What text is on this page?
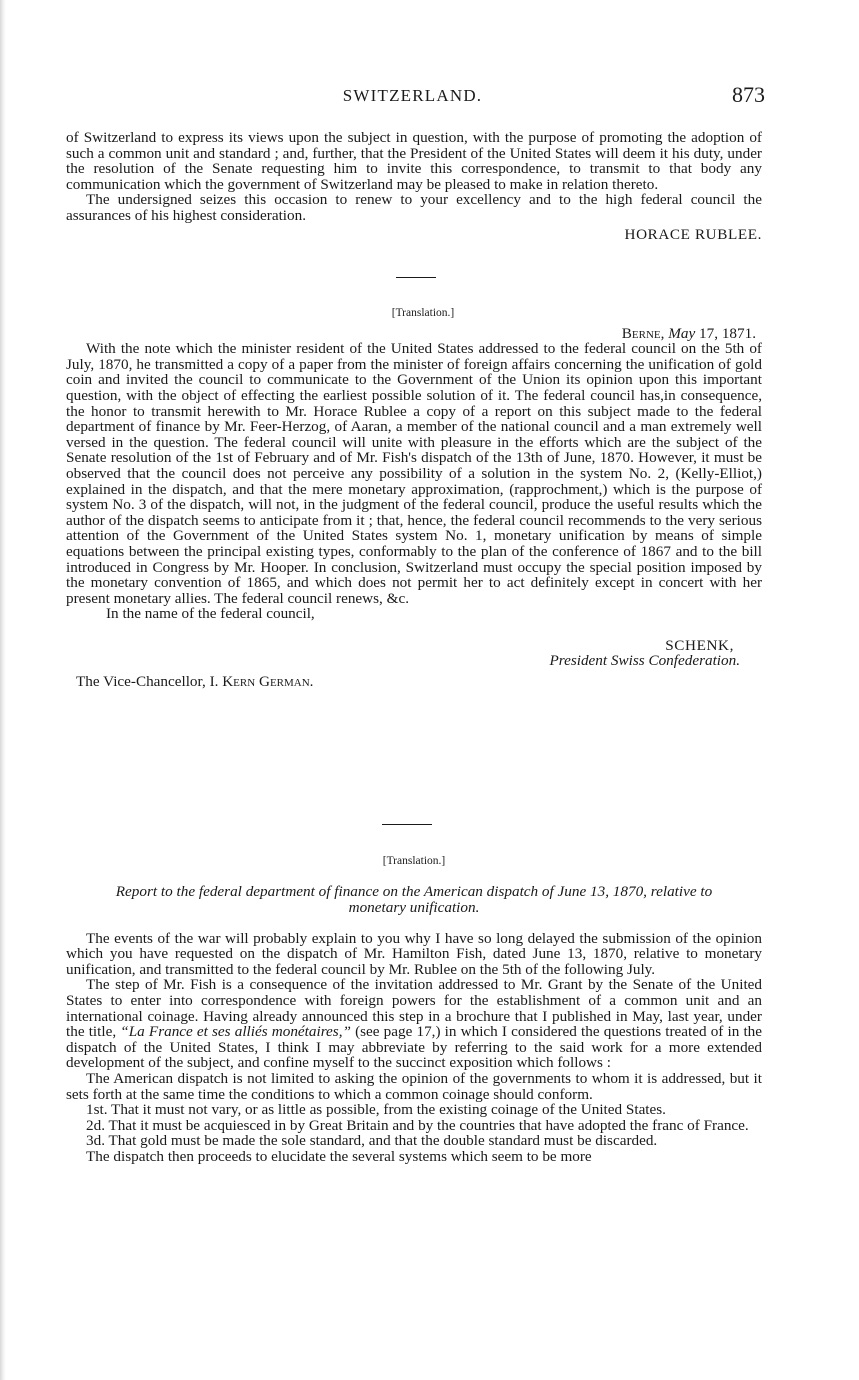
SWITZERLAND.	873

of Switzerland to express its views upon the subject in question, with the purpose of promoting the adoption of such a common unit and standard ; and, further, that the President of the United States will deem it his duty, under the resolution of the Senate requesting him to invite this correspondence, to transmit to that body any communication which the government of Switzerland may be pleased to make in relation thereto.

The undersigned seizes this occasion to renew to your excellency and to the high federal council the assurances of his highest consideration.

HORACE RUBLEE.

[Translation.]

Berne, May 17, 1871.

With the note which the minister resident of the United States addressed to the federal council on the 5th of July, 1870, he transmitted a copy of a paper from the minister of foreign affairs concerning the unification of gold coin and invited the council to communicate to the Government of the Union its opinion upon this important question, with the object of effecting the earliest possible solution of it. The federal council has,in consequence, the honor to transmit herewith to Mr. Horace Rublee a copy of a report on this subject made to the federal department of finance by Mr. Feer-Herzog, of Aaran, a member of the national council and a man extremely well versed in the question. The federal council will unite with pleasure in the efforts which are the subject of the Senate resolution of the 1st of February and of Mr. Fish's dispatch of the 13th of June, 1870. However, it must be observed that the council does not perceive any possibility of a solution in the system No. 2, (Kelly-Elliot,) explained in the dispatch, and that the mere monetary approximation, (rapprochment,) which is the purpose of system No. 3 of the dispatch, will not, in the judgment of the federal council, produce the useful results which the author of the dispatch seems to anticipate from it ; that, hence, the federal council recommends to the very serious attention of the Government of the United States system No. 1, monetary unification by means of simple equations between the principal existing types, conformably to the plan of the conference of 1867 and to the bill introduced in Congress by Mr. Hooper. In conclusion, Switzerland must occupy the special position imposed by the monetary convention of 1865, and which does not permit her to act definitely except in concert with her present monetary allies. The federal council renews, &c.

In the name of the federal council,

SCHENK,

President Swiss Confederation.

The Vice-Chancellor, I. Kern German.

[Translation.]

Report to the federal department of finance on the American dispatch of June 13, 1870, relative to monetary unification.

The events of the war will probably explain to you why I have so long delayed the submission of the opinion which you have requested on the dispatch of Mr. Hamilton Fish, dated June 13, 1870, relative to monetary unification, and transmitted to the federal council by Mr. Rublee on the 5th of the following July.

The step of Mr. Fish is a consequence of the invitation addressed to Mr. Grant by the Senate of the United States to enter into correspondence with foreign powers for the establishment of a common unit and an international coinage. Having already announced this step in a brochure that I published in May, last year, under the title, “La France et ses alliés monétaires,” (see page 17,) in which I considered the questions treated of in the dispatch of the United States, I think I may abbreviate by referring to the said work for a more extended development of the subject, and confine myself to the succinct exposition which follows :

The American dispatch is not limited to asking the opinion of the governments to whom it is addressed, but it sets forth at the same time the conditions to which a common coinage should conform.

1st. That it must not vary, or as little as possible, from the existing coinage of the United States.

2d. That it must be acquiesced in by Great Britain and by the countries that have adopted the franc of France.

3d. That gold must be made the sole standard, and that the double standard must be discarded.

The dispatch then proceeds to elucidate the several systems which seem to be more
